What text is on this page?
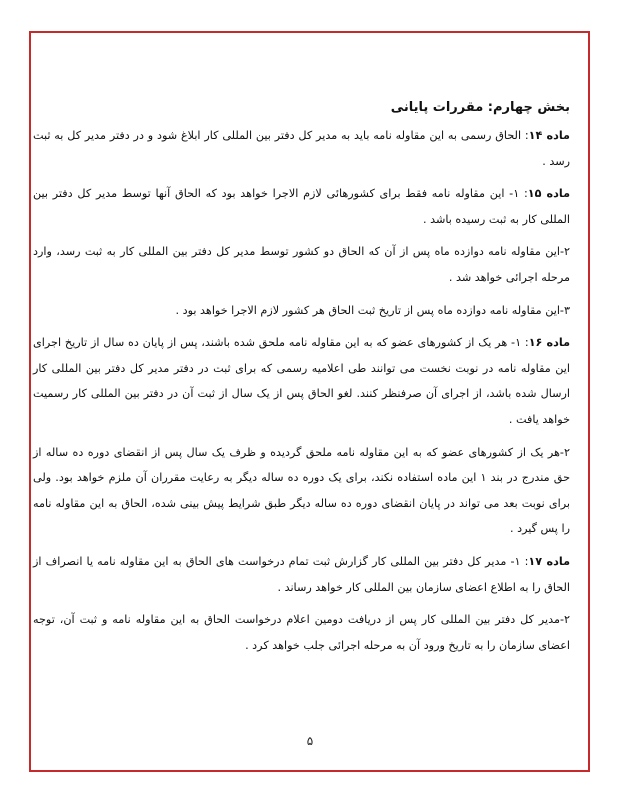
بخش چهارم: مقررات پایانی

ماده ۱۴: الحاق رسمی به این مقاوله نامه باید به مدیر کل دفتر بین المللی کار ابلاغ شود و در دفتر مدیر کل به ثبت رسد .

ماده ۱۵: ۱- این مقاوله نامه فقط برای کشورهائی لازم الاجرا خواهد بود که الحاق آنها توسط مدیر کل دفتر بین المللی کار به ثبت رسیده باشد .

۲-این مقاوله نامه دوازده ماه پس از آن که الحاق دو کشور توسط مدیر کل دفتر بین المللی کار به ثبت رسد، وارد مرحله اجرائی خواهد شد .

۳-این مقاوله نامه دوازده ماه پس از تاریخ ثبت الحاق هر کشور لازم الاجرا خواهد بود .

ماده ۱۶: ۱- هر یک از کشورهای عضو که به این مقاوله نامه ملحق شده باشند، پس از پایان ده سال از تاریخ اجرای این مقاوله نامه در نوبت نخست می توانند طی اعلامیه رسمی که برای ثبت در دفتر مدیر کل دفتر بین المللی کار ارسال شده باشد، از اجرای آن صرفنظر کنند. لغو الحاق پس از یک سال از ثبت آن در دفتر بین المللی کار رسمیت خواهد یافت .

۲-هر یک از کشورهای عضو که به این مقاوله نامه ملحق گردیده و ظرف یک سال پس از انقضای دوره ده ساله از حق مندرج در بند ۱ این ماده استفاده نکند، برای یک دوره ده ساله دیگر به رعایت مقرران آن ملزم خواهد بود. ولی برای نوبت بعد می تواند در پایان انقضای دوره ده ساله دیگر طبق شرایط پیش بینی شده، الحاق به این مقاوله نامه را پس گیرد .

ماده ۱۷: ۱- مدیر کل دفتر بین المللی کار گزارش ثبت تمام درخواست های الحاق به این مقاوله نامه یا انصراف از الحاق را به اطلاع اعضای سازمان بین المللی کار خواهد رساند .

۲-مدیر کل دفتر بین المللی کار پس از دریافت دومین اعلام درخواست الحاق به این مقاوله نامه و ثبت آن، توجه اعضای سازمان را به تاریخ ورود آن به مرحله اجرائی جلب خواهد کرد .

۵
